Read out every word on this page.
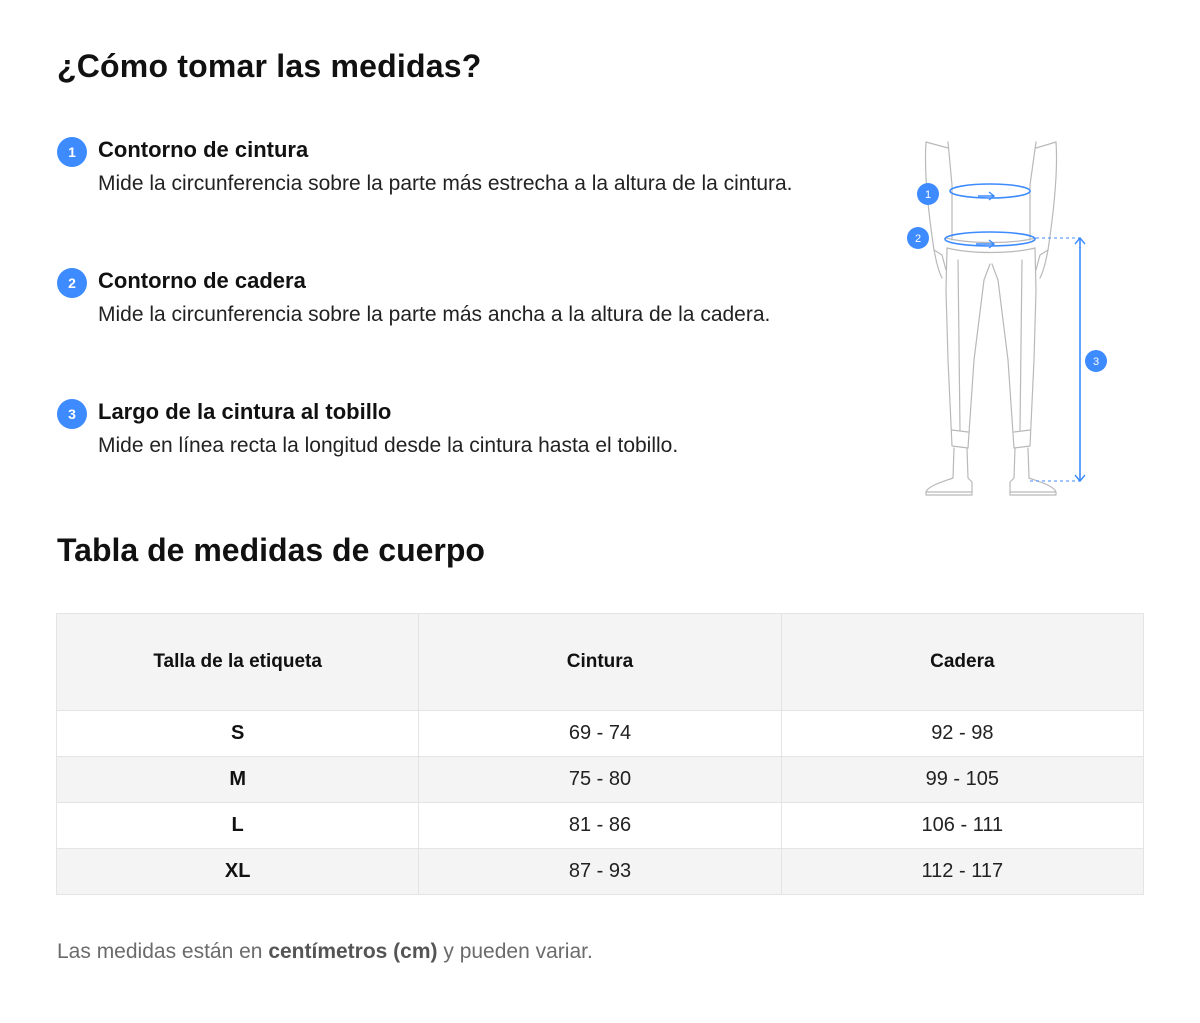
¿Cómo tomar las medidas?
1	Contorno de cintura
Mide la circunferencia sobre la parte más estrecha a la altura de la cintura.
2	Contorno de cadera
Mide la circunferencia sobre la parte más ancha a la altura de la cadera.
3	Largo de la cintura al tobillo
Mide en línea recta la longitud desde la cintura hasta el tobillo.
1
2
3
Tabla de medidas de cuerpo
Talla de la etiqueta	Cintura	Cadera
S	69 - 74	92 - 98
M	75 - 80	99 - 105
L	81 - 86	106 - 111
XL	87 - 93	112 - 117
Las medidas están en centímetros (cm) y pueden variar.
